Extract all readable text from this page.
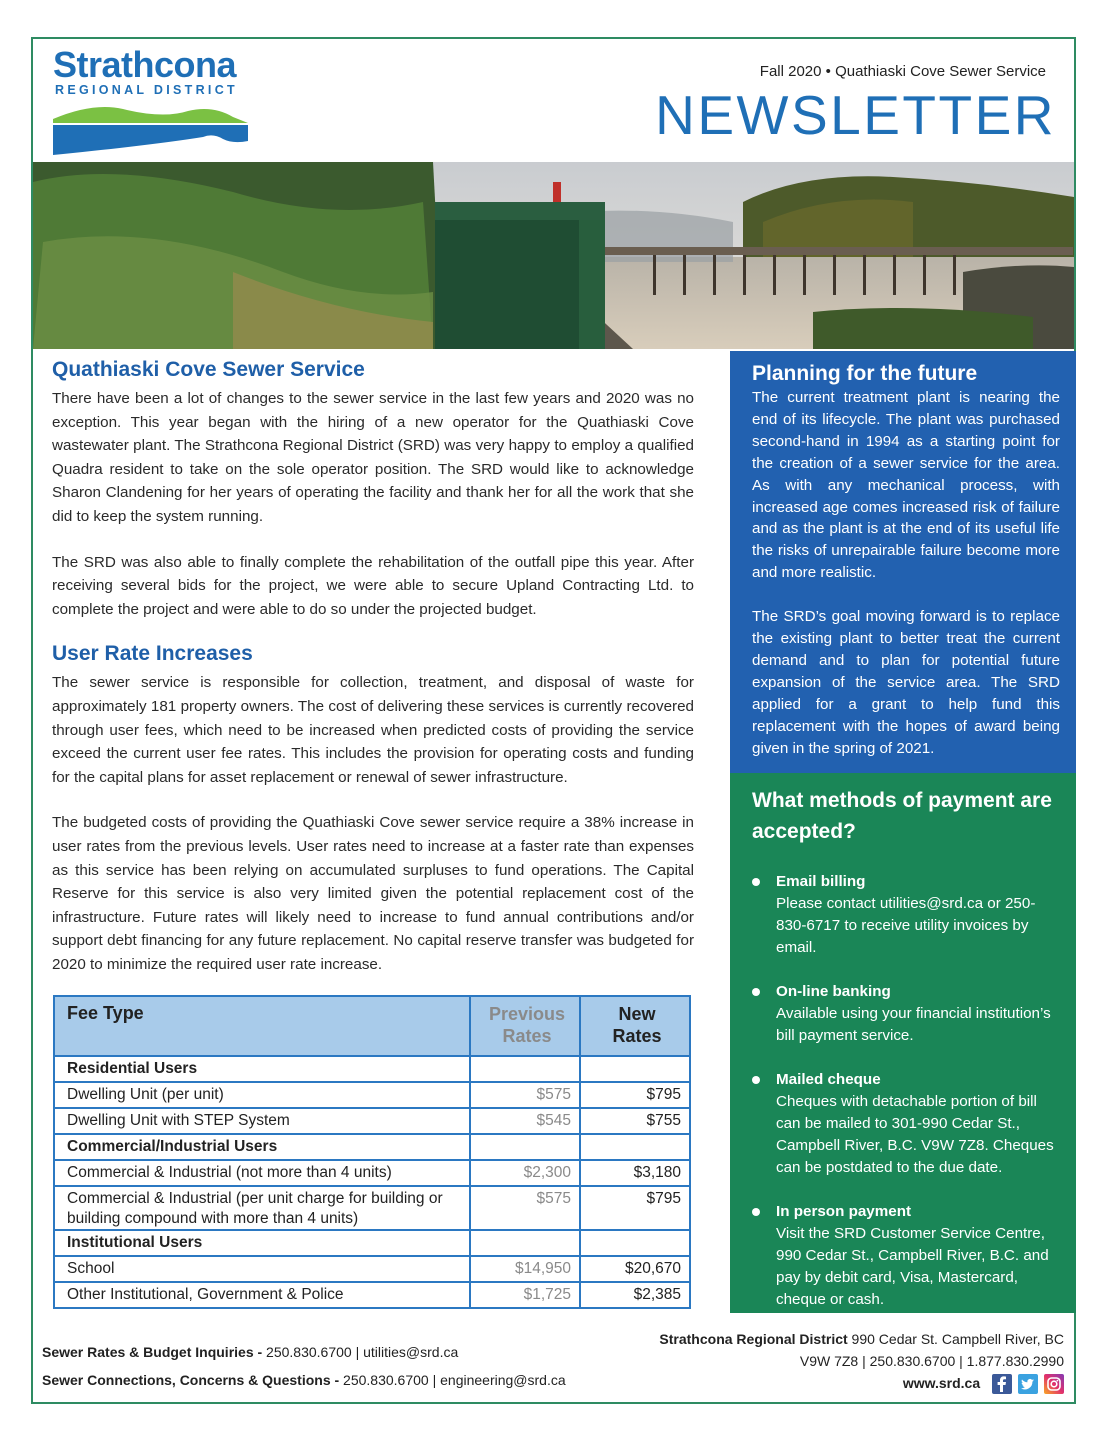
Strathcona
REGIONAL DISTRICT
Fall 2020 • Quathiaski Cove Sewer Service
NEWSLETTER
Quathiaski Cove Sewer Service

There have been a lot of changes to the sewer service in the last few years and 2020 was no exception. This year began with the hiring of a new operator for the Quathiaski Cove wastewater plant. The Strathcona Regional District (SRD) was very happy to employ a qualified Quadra resident to take on the sole operator position. The SRD would like to acknowledge Sharon Clandening for her years of operating the facility and thank her for all the work that she did to keep the system running.

The SRD was also able to finally complete the rehabilitation of the outfall pipe this year. After receiving several bids for the project, we were able to secure Upland Contracting Ltd. to complete the project and were able to do so under the projected budget.

User Rate Increases

The sewer service is responsible for collection, treatment, and disposal of waste for approximately 181 property owners. The cost of delivering these services is currently recovered through user fees, which need to be increased when predicted costs of providing the service exceed the current user fee rates. This includes the provision for operating costs and funding for the capital plans for asset replacement or renewal of sewer infrastructure.

The budgeted costs of providing the Quathiaski Cove sewer service require a 38% increase in user rates from the previous levels. User rates need to increase at a faster rate than expenses as this service has been relying on accumulated surpluses to fund operations. The Capital Reserve for this service is also very limited given the potential replacement cost of the infrastructure. Future rates will likely need to increase to fund annual contributions and/or support debt financing for any future replacement. No capital reserve transfer was budgeted for 2020 to minimize the required user rate increase.

Fee Type	Previous Rates	New Rates
Residential Users		
Dwelling Unit (per unit)	$575	$795
Dwelling Unit with STEP System	$545	$755
Commercial/Industrial Users		
Commercial & Industrial (not more than 4 units)	$2,300	$3,180
Commercial & Industrial (per unit charge for building or building compound with more than 4 units)	$575	$795
Institutional Users		
School	$14,950	$20,670
Other Institutional, Government & Police	$1,725	$2,385
Planning for the future

The current treatment plant is nearing the end of its lifecycle. The plant was purchased second-hand in 1994 as a starting point for the creation of a sewer service for the area. As with any mechanical process, with increased age comes increased risk of failure and as the plant is at the end of its useful life the risks of unrepairable failure become more and more realistic.

The SRD’s goal moving forward is to replace the existing plant to better treat the current demand and to plan for potential future expansion of the service area. The SRD applied for a grant to help fund this replacement with the hopes of award being given in the spring of 2021.

What methods of payment are accepted?
Email billing
Please contact utilities@srd.ca or 250-830-6717 to receive utility invoices by email.
On-line banking
Available using your financial institution’s bill payment service.
Mailed cheque
Cheques with detachable portion of bill can be mailed to 301-990 Cedar St., Campbell River, B.C. V9W 7Z8. Cheques can be postdated to the due date.
In person payment
Visit the SRD Customer Service Centre, 990 Cedar St., Campbell River, B.C. and pay by debit card, Visa, Mastercard, cheque or cash.
Sewer Rates & Budget Inquiries - 250.830.6700 | utilities@srd.ca
Sewer Connections, Concerns & Questions - 250.830.6700 | engineering@srd.ca
Strathcona Regional District 990 Cedar St. Campbell River, BC
V9W 7Z8 | 250.830.6700 | 1.877.830.2990
www.srd.ca
